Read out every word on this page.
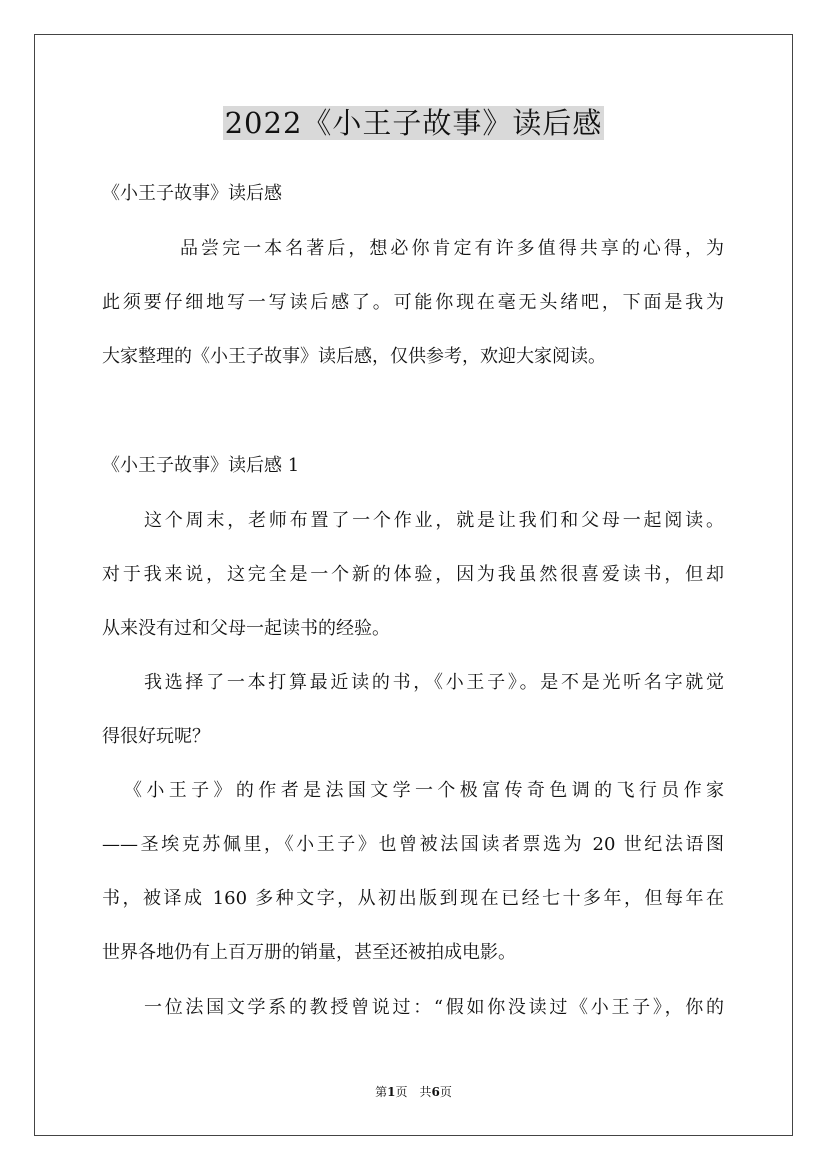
2022《小王子故事》读后感
《小王子故事》读后感
品尝完一本名著后，想必你肯定有许多值得共享的心得，为
此须要仔细地写一写读后感了。可能你现在毫无头绪吧，下面是我为
大家整理的《小王子故事》读后感，仅供参考，欢迎大家阅读。
《小王子故事》读后感 1
这个周末，老师布置了一个作业，就是让我们和父母一起阅读。
对于我来说，这完全是一个新的体验，因为我虽然很喜爱读书，但却
从来没有过和父母一起读书的经验。
我选择了一本打算最近读的书，《小王子》。是不是光听名字就觉
得很好玩呢？
《小王子》的作者是法国文学一个极富传奇色调的飞行员作家
——圣埃克苏佩里，《小王子》也曾被法国读者票选为 20 世纪法语图
书，被译成 160 多种文字，从初出版到现在已经七十多年，但每年在
世界各地仍有上百万册的销量，甚至还被拍成电影。
一位法国文学系的教授曾说过：“假如你没读过《小王子》，你的
第1页　共6页
